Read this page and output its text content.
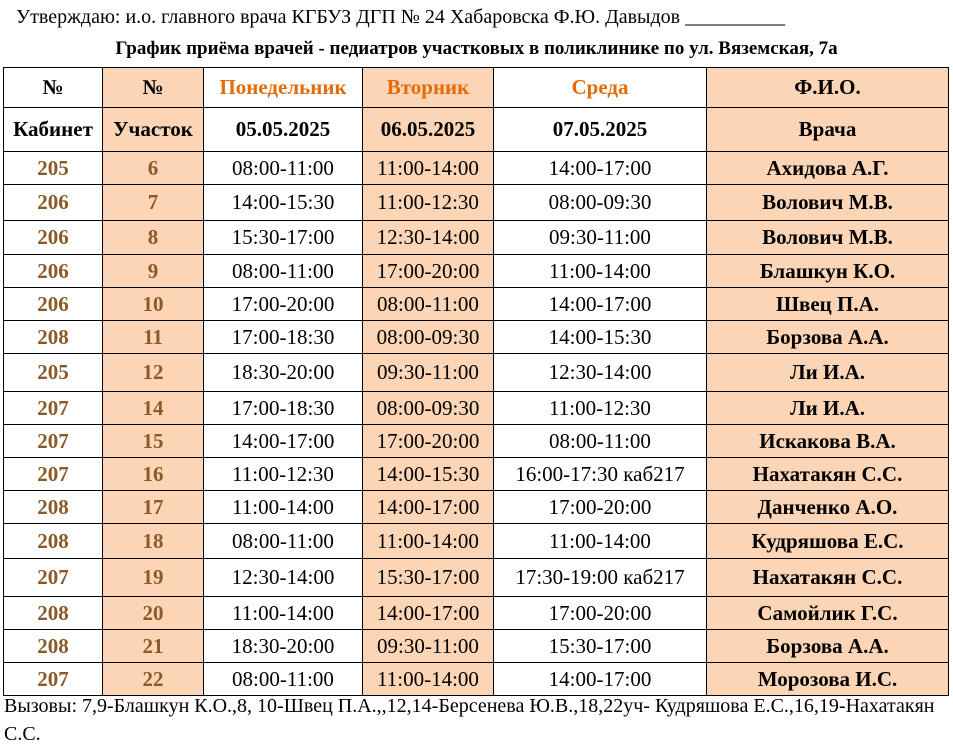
Утверждаю: и.о. главного врача КГБУЗ ДГП № 24 Хабаровска Ф.Ю. Давыдов __________
График приёма врачей - педиатров участковых в поликлинике по ул. Вяземская, 7а
№	№	Понедельник	Вторник	Среда	Ф.И.О.
Кабинет	Участок	05.05.2025	06.05.2025	07.05.2025	Врача
205	6	08:00-11:00	11:00-14:00	14:00-17:00	Ахидова А.Г.
206	7	14:00-15:30	11:00-12:30	08:00-09:30	Волович М.В.
206	8	15:30-17:00	12:30-14:00	09:30-11:00	Волович М.В.
206	9	08:00-11:00	17:00-20:00	11:00-14:00	Блашкун К.О.
206	10	17:00-20:00	08:00-11:00	14:00-17:00	Швец П.А.
208	11	17:00-18:30	08:00-09:30	14:00-15:30	Борзова А.А.
205	12	18:30-20:00	09:30-11:00	12:30-14:00	Ли И.А.
207	14	17:00-18:30	08:00-09:30	11:00-12:30	Ли И.А.
207	15	14:00-17:00	17:00-20:00	08:00-11:00	Искакова В.А.
207	16	11:00-12:30	14:00-15:30	16:00-17:30 каб217	Нахатакян С.С.
208	17	11:00-14:00	14:00-17:00	17:00-20:00	Данченко А.О.
208	18	08:00-11:00	11:00-14:00	11:00-14:00	Кудряшова Е.С.
207	19	12:30-14:00	15:30-17:00	17:30-19:00 каб217	Нахатакян С.С.
208	20	11:00-14:00	14:00-17:00	17:00-20:00	Самойлик Г.С.
208	21	18:30-20:00	09:30-11:00	15:30-17:00	Борзова А.А.
207	22	08:00-11:00	11:00-14:00	14:00-17:00	Морозова И.С.
Вызовы: 7,9-Блашкун К.О.,8, 10-Швец П.А.,,12,14-Берсенева Ю.В.,18,22уч- Кудряшова Е.С.,16,19-Нахатакян С.С.
